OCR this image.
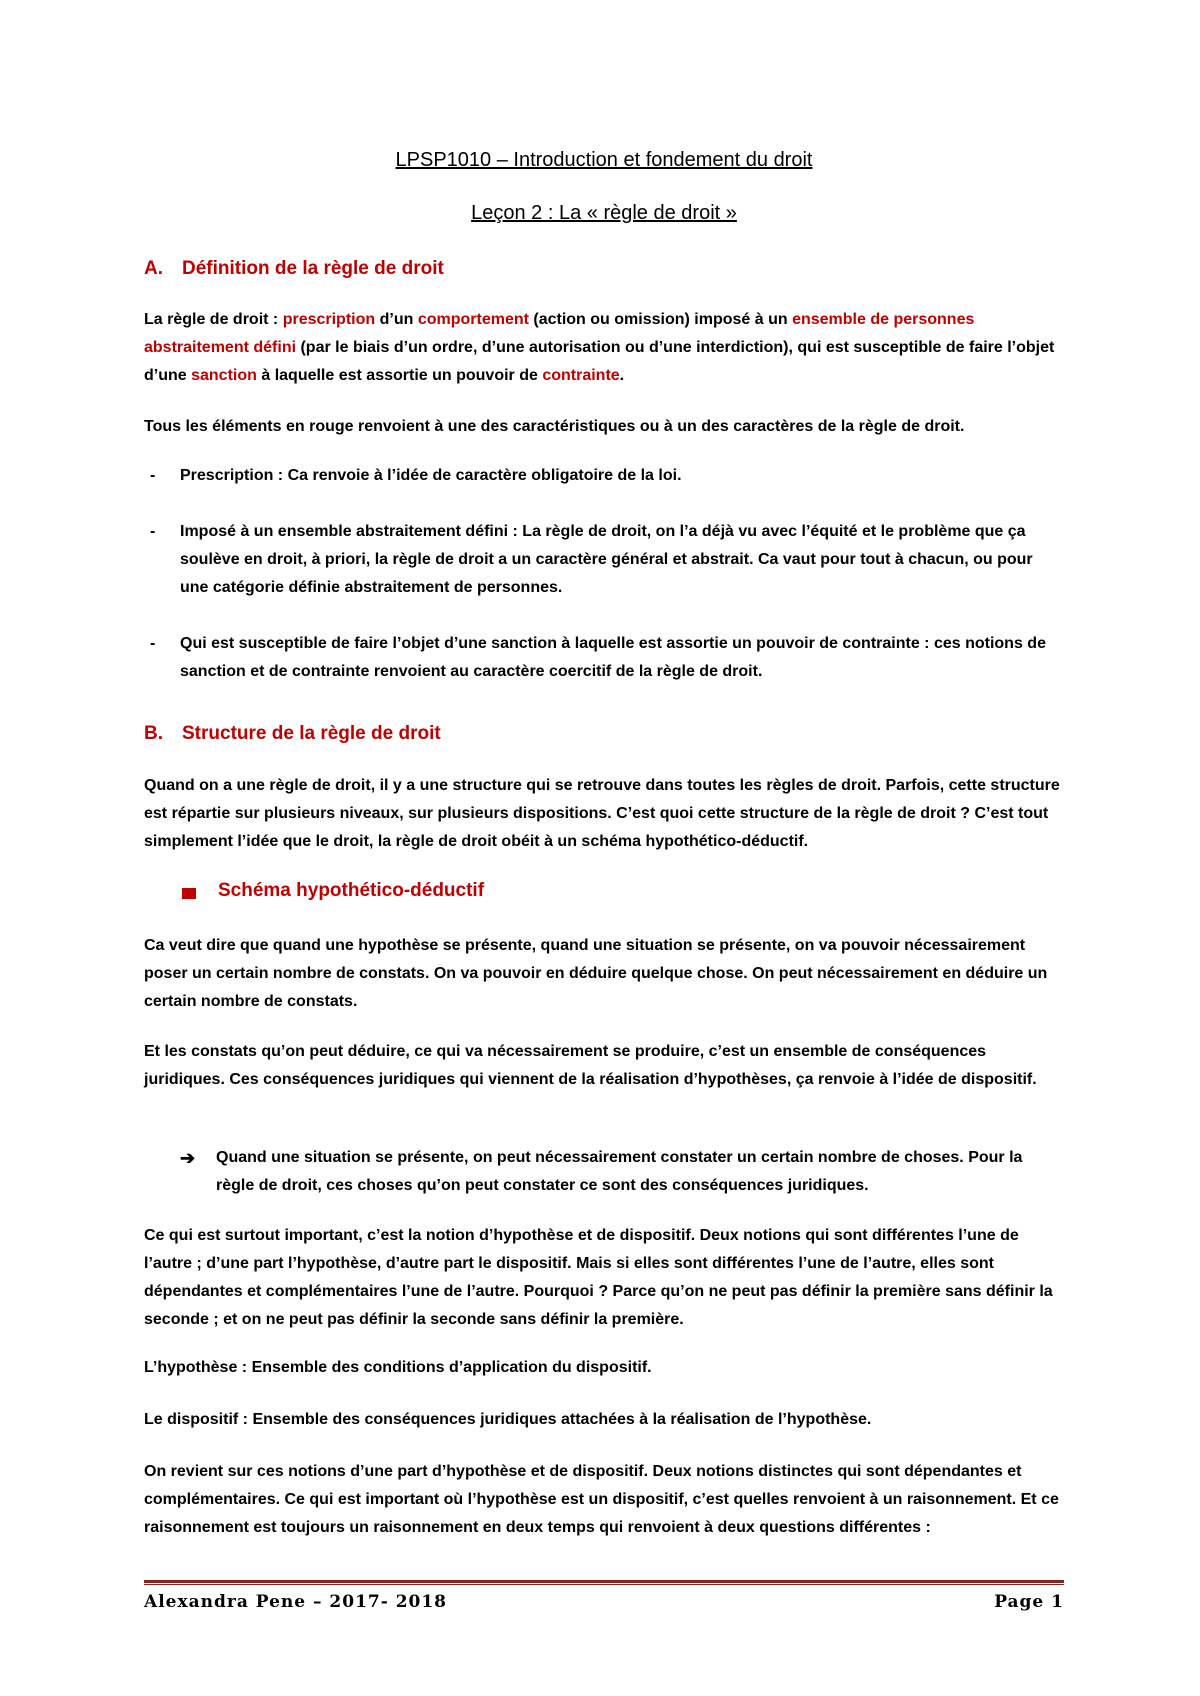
LPSP1010 – Introduction et fondement du droit

Leçon 2 : La « règle de droit »

A. Définition de la règle de droit

La règle de droit : prescription d’un comportement (action ou omission) imposé à un ensemble de personnes abstraitement défini (par le biais d’un ordre, d’une autorisation ou d’une interdiction), qui est susceptible de faire l’objet d’une sanction à laquelle est assortie un pouvoir de contrainte.

Tous les éléments en rouge renvoient à une des caractéristiques ou à un des caractères de la règle de droit.

- Prescription : Ca renvoie à l’idée de caractère obligatoire de la loi.

- Imposé à un ensemble abstraitement défini : La règle de droit, on l’a déjà vu avec l’équité et le problème que ça soulève en droit, à priori, la règle de droit a un caractère général et abstrait. Ca vaut pour tout à chacun, ou pour une catégorie définie abstraitement de personnes.

- Qui est susceptible de faire l’objet d’une sanction à laquelle est assortie un pouvoir de contrainte : ces notions de sanction et de contrainte renvoient au caractère coercitif de la règle de droit.

B. Structure de la règle de droit

Quand on a une règle de droit, il y a une structure qui se retrouve dans toutes les règles de droit. Parfois, cette structure est répartie sur plusieurs niveaux, sur plusieurs dispositions. C’est quoi cette structure de la règle de droit ? C’est tout simplement l’idée que le droit, la règle de droit obéit à un schéma hypothético-déductif.

Schéma hypothético-déductif

Ca veut dire que quand une hypothèse se présente, quand une situation se présente, on va pouvoir nécessairement poser un certain nombre de constats. On va pouvoir en déduire quelque chose. On peut nécessairement en déduire un certain nombre de constats.

Et les constats qu’on peut déduire, ce qui va nécessairement se produire, c’est un ensemble de conséquences juridiques. Ces conséquences juridiques qui viennent de la réalisation d’hypothèses, ça renvoie à l’idée de dispositif.

➔ Quand une situation se présente, on peut nécessairement constater un certain nombre de choses. Pour la règle de droit, ces choses qu’on peut constater ce sont des conséquences juridiques.

Ce qui est surtout important, c’est la notion d’hypothèse et de dispositif. Deux notions qui sont différentes l’une de l’autre ; d’une part l’hypothèse, d’autre part le dispositif. Mais si elles sont différentes l’une de l’autre, elles sont dépendantes et complémentaires l’une de l’autre. Pourquoi ? Parce qu’on ne peut pas définir la première sans définir la seconde ; et on ne peut pas définir la seconde sans définir la première.

L’hypothèse : Ensemble des conditions d’application du dispositif.

Le dispositif : Ensemble des conséquences juridiques attachées à la réalisation de l’hypothèse.

On revient sur ces notions d’une part d’hypothèse et de dispositif. Deux notions distinctes qui sont dépendantes et complémentaires. Ce qui est important où l’hypothèse est un dispositif, c’est quelles renvoient à un raisonnement. Et ce raisonnement est toujours un raisonnement en deux temps qui renvoient à deux questions différentes :

Alexandra Pene – 2017- 2018	Page 1
